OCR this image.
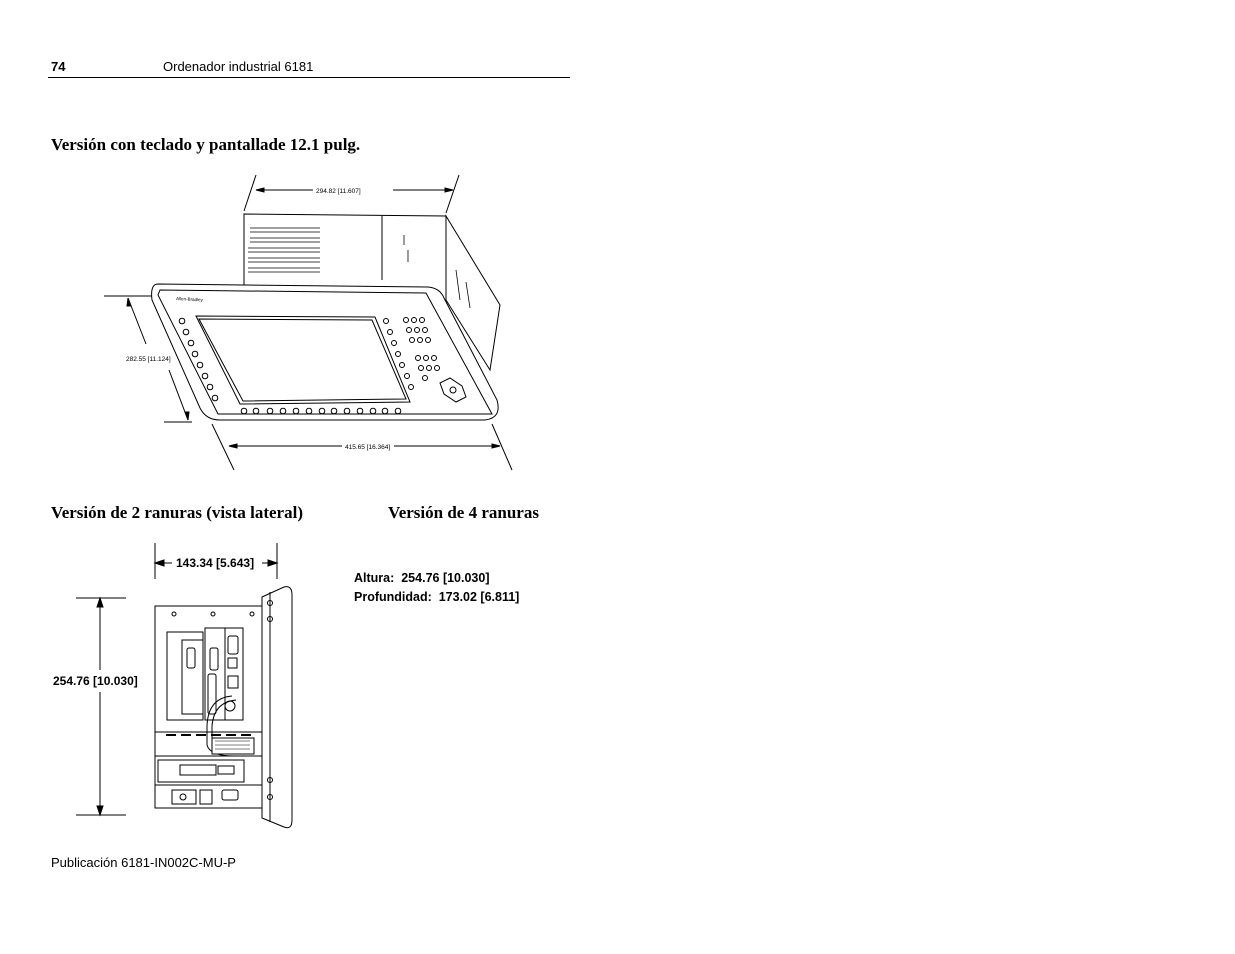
74	Ordenador industrial 6181
Versión con teclado y pantallade 12.1 pulg.
294.82 [11.607]
282.55 [11.124]
415.65 [16.364]
Allen-Bradley
Versión de 2 ranuras (vista lateral)	Versión de 4 ranuras
143.34 [5.643]
254.76 [10.030]
Altura: 254.76 [10.030]
Profundidad: 173.02 [6.811]
Publicación 6181-IN002C-MU-P
